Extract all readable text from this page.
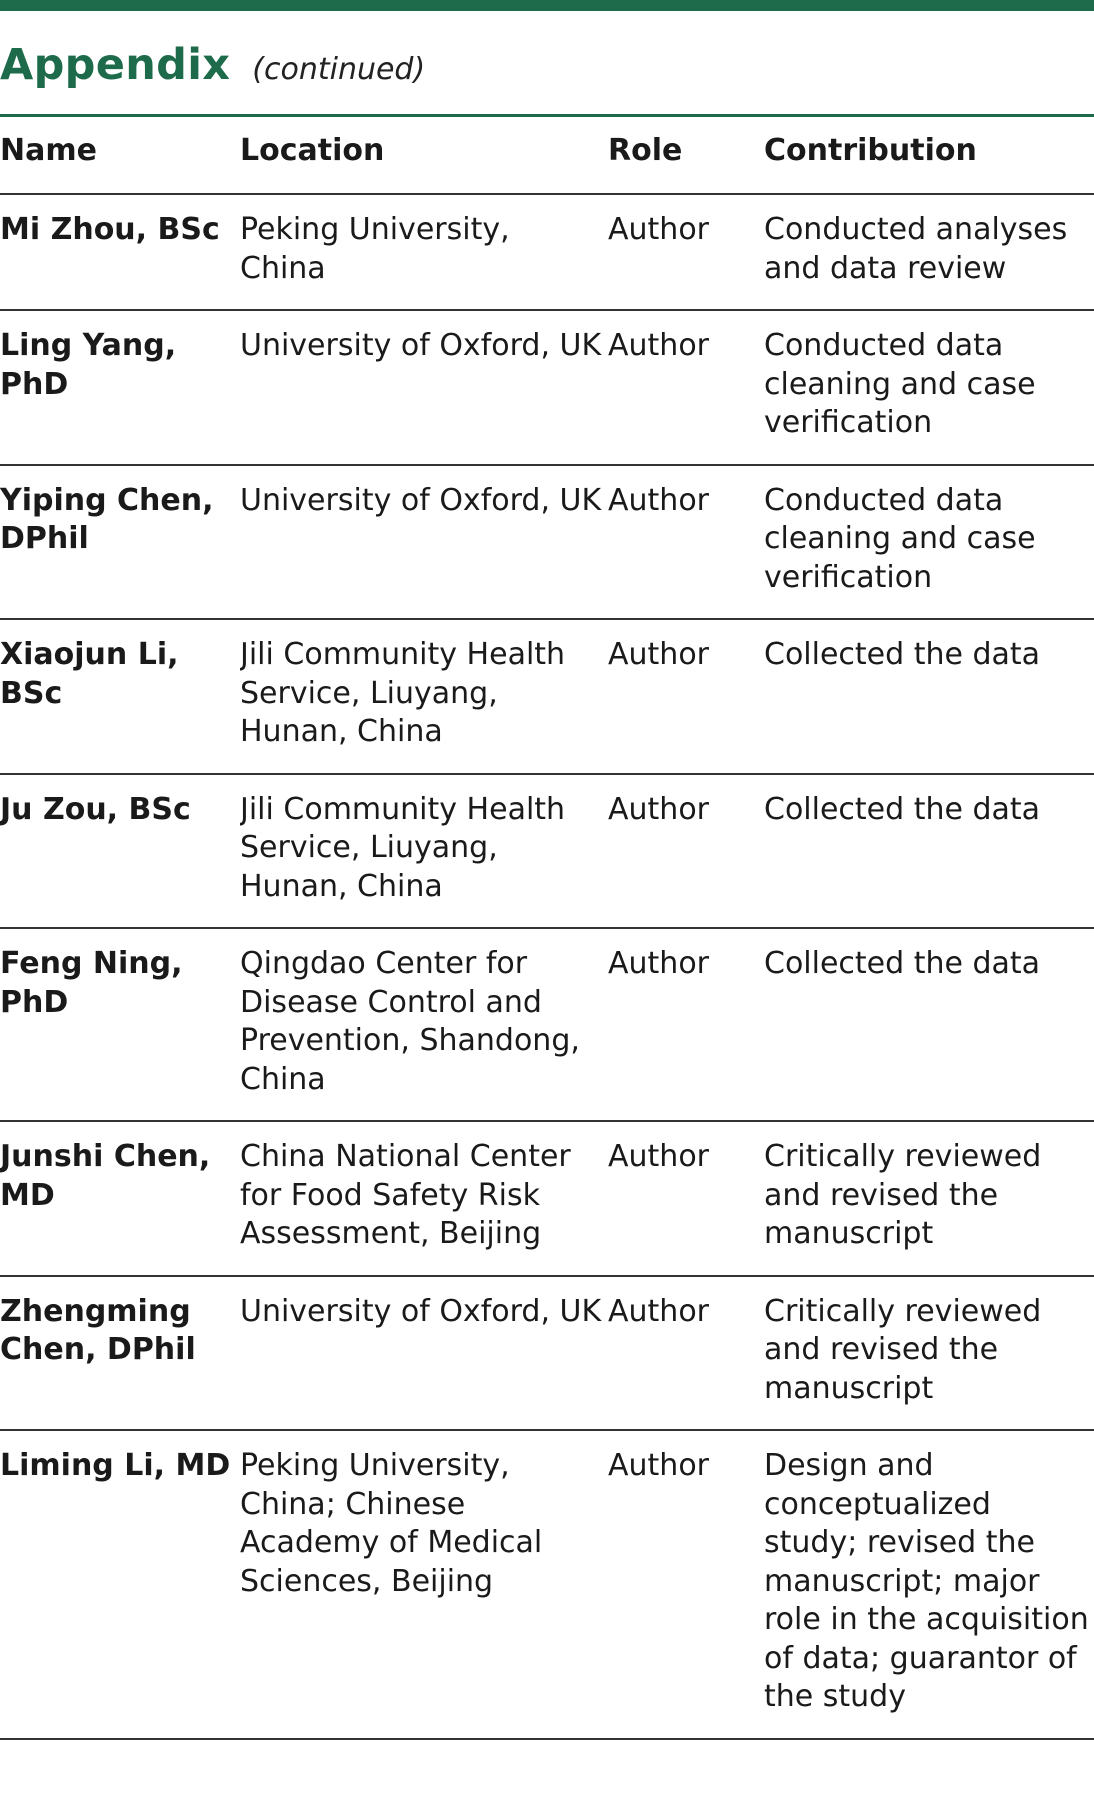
Appendix (continued)
Name	Location	Role	Contribution
Mi Zhou, BSc	Peking University, China	Author	Conducted analyses and data review
Ling Yang, PhD	University of Oxford, UK	Author	Conducted data cleaning and case verification
Yiping Chen, DPhil	University of Oxford, UK	Author	Conducted data cleaning and case verification
Xiaojun Li, BSc	Jili Community Health Service, Liuyang, Hunan, China	Author	Collected the data
Ju Zou, BSc	Jili Community Health Service, Liuyang, Hunan, China	Author	Collected the data
Feng Ning, PhD	Qingdao Center for Disease Control and Prevention, Shandong, China	Author	Collected the data
Junshi Chen, MD	China National Center for Food Safety Risk Assessment, Beijing	Author	Critically reviewed and revised the manuscript
Zhengming Chen, DPhil	University of Oxford, UK	Author	Critically reviewed and revised the manuscript
Liming Li, MD	Peking University, China; Chinese Academy of Medical Sciences, Beijing	Author	Design and conceptualized study; revised the manuscript; major role in the acquisition of data; guarantor of the study
